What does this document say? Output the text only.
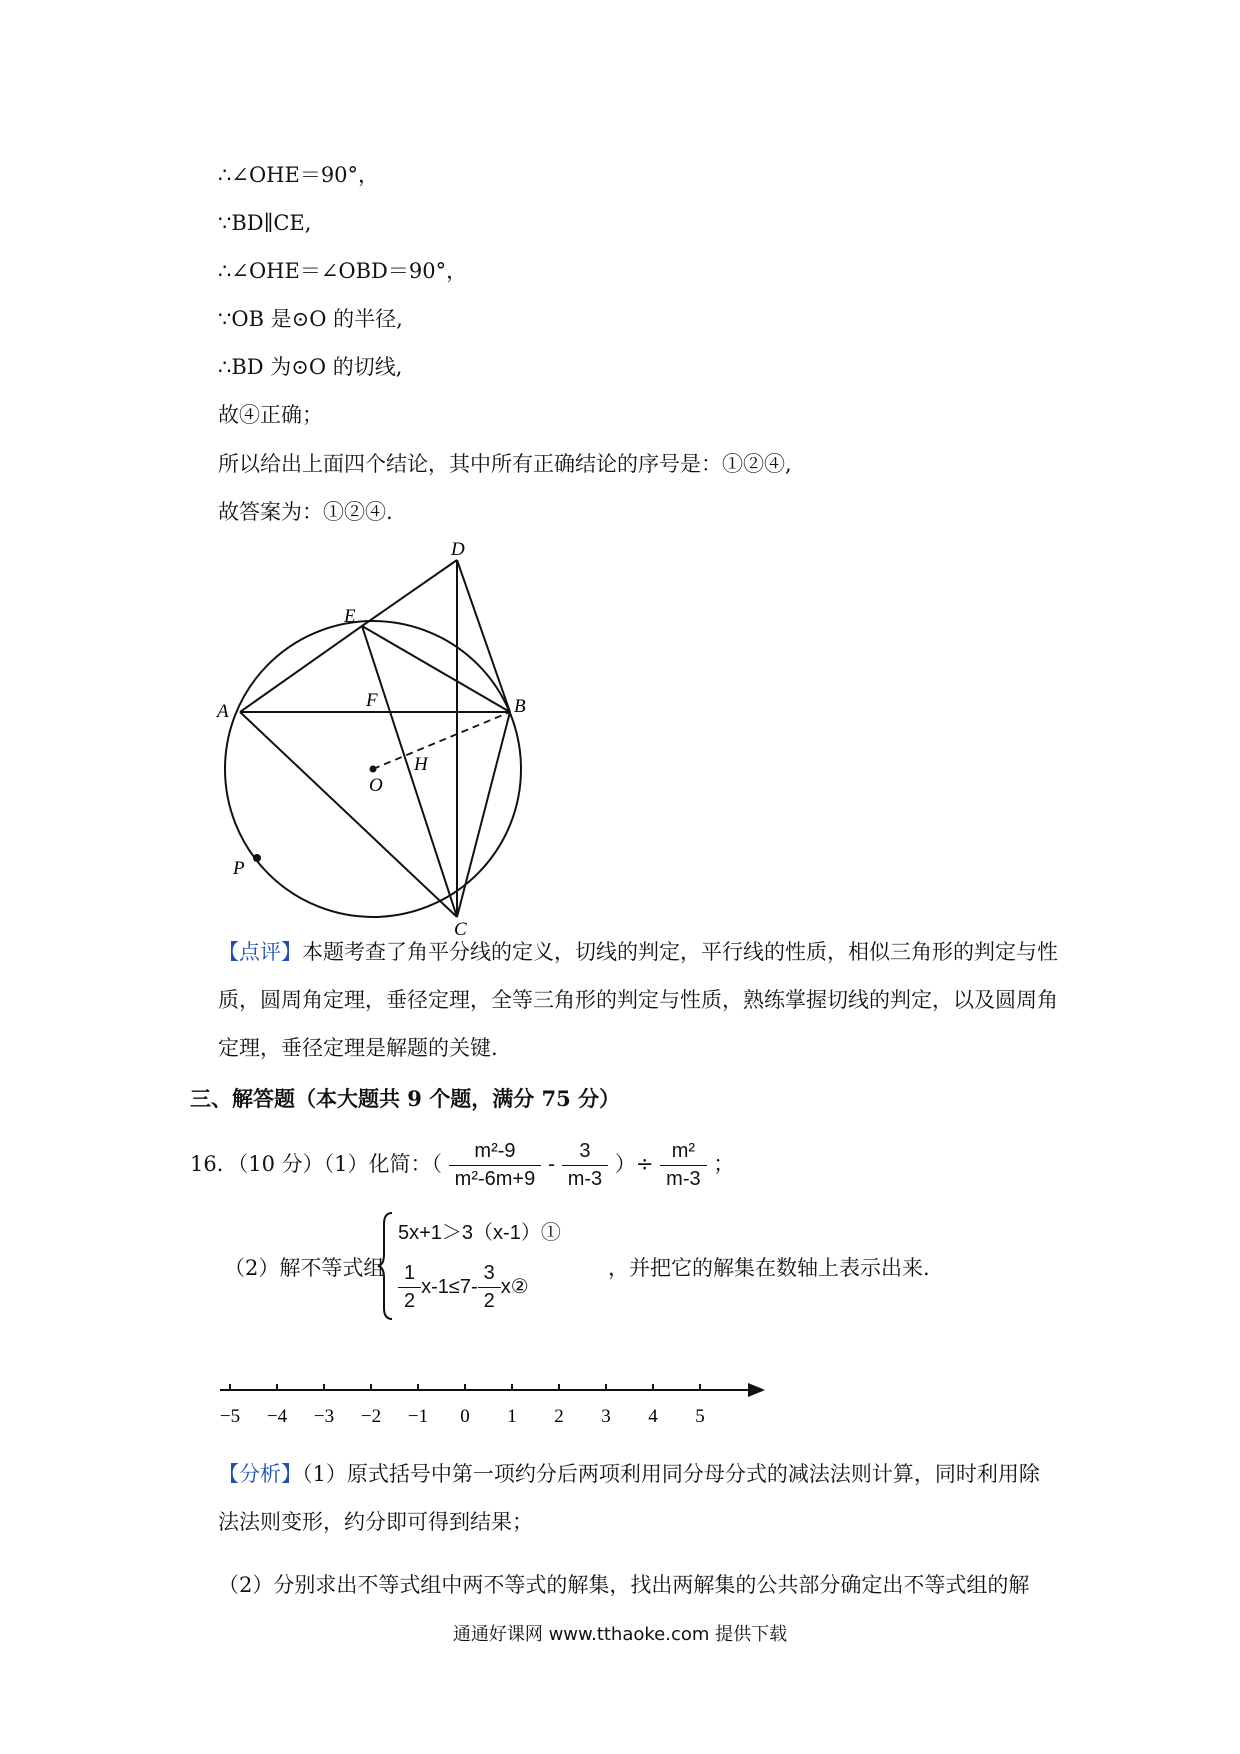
∴∠OHE＝90°，
∵BD∥CE,
∴∠OHE＝∠OBD＝90°，
∵OB 是⊙O 的半径,
∴BD 为⊙O 的切线,
故④正确；
所以给出上面四个结论，其中所有正确结论的序号是：①②④,
故答案为：①②④.
D
E
A
F	B
H
O
P
C
【点评】本题考查了角平分线的定义，切线的判定，平行线的性质，相似三角形的判定与性质，圆周角定理，垂径定理，全等三角形的判定与性质，熟练掌握切线的判定，以及圆周角定理，垂径定理是解题的关键.
三、解答题（本大题共 9 个题，满分 75 分）
16．（10 分）（1）化简：（ $\frac{\text{m²-9}}{\text{m²-6m+9}} - \frac{3}{m-3}$ ）÷ $\frac{\text{m²}}{m-3}$ ；
（2）解不等式组
5x+1＞3（x-1）①
$\frac{1}{2} x-1\le 7- \frac{3}{2}$ x②
，并把它的解集在数轴上表示出来.
−5 −4 −3 −2 −1 0 1 2 3 4 5
【分析】（1）原式括号中第一项约分后两项利用同分母分式的减法法则计算，同时利用除法法则变形，约分即可得到结果；
（2）分别求出不等式组中两不等式的解集，找出两解集的公共部分确定出不等式组的解
通通好课网 www.tthaoke.com 提供下载
